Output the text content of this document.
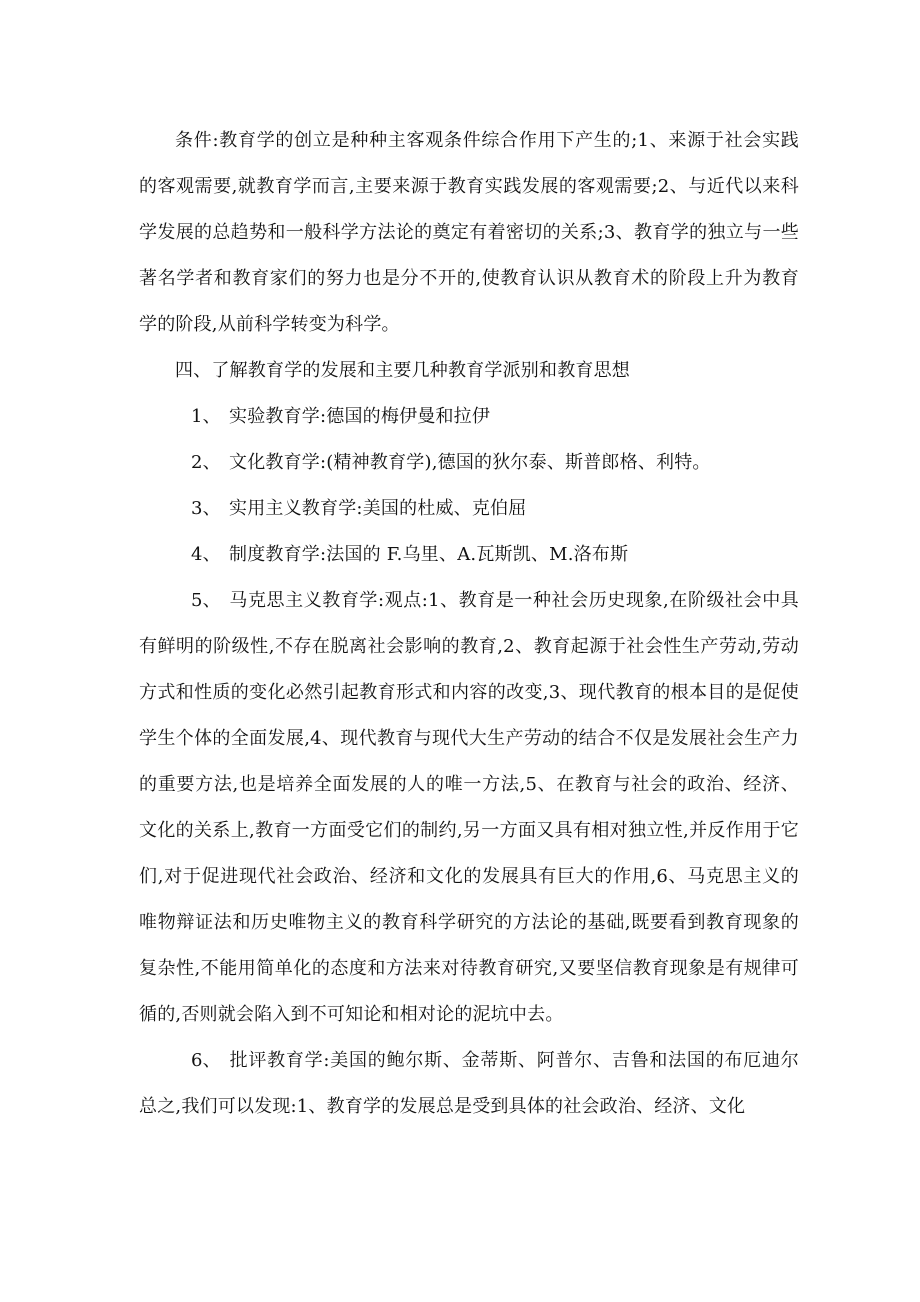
条件:教育学的创立是种种主客观条件综合作用下产生的;1、来源于社会实践的客观需要,就教育学而言,主要来源于教育实践发展的客观需要;2、与近代以来科学发展的总趋势和一般科学方法论的奠定有着密切的关系;3、教育学的独立与一些著名学者和教育家们的努力也是分不开的,使教育认识从教育术的阶段上升为教育学的阶段,从前科学转变为科学。

四、了解教育学的发展和主要几种教育学派别和教育思想

1、 实验教育学:德国的梅伊曼和拉伊

2、 文化教育学:(精神教育学),德国的狄尔泰、斯普郎格、利特。

3、 实用主义教育学:美国的杜威、克伯屈

4、 制度教育学:法国的 F.乌里、A.瓦斯凯、M.洛布斯

5、 马克思主义教育学:观点:1、教育是一种社会历史现象,在阶级社会中具有鲜明的阶级性,不存在脱离社会影响的教育,2、教育起源于社会性生产劳动,劳动方式和性质的变化必然引起教育形式和内容的改变,3、现代教育的根本目的是促使学生个体的全面发展,4、现代教育与现代大生产劳动的结合不仅是发展社会生产力的重要方法,也是培养全面发展的人的唯一方法,5、在教育与社会的政治、经济、文化的关系上,教育一方面受它们的制约,另一方面又具有相对独立性,并反作用于它们,对于促进现代社会政治、经济和文化的发展具有巨大的作用,6、马克思主义的唯物辩证法和历史唯物主义的教育科学研究的方法论的基础,既要看到教育现象的复杂性,不能用简单化的态度和方法来对待教育研究,又要坚信教育现象是有规律可循的,否则就会陷入到不可知论和相对论的泥坑中去。

6、 批评教育学:美国的鲍尔斯、金蒂斯、阿普尔、吉鲁和法国的布厄迪尔总之,我们可以发现:1、教育学的发展总是受到具体的社会政治、经济、文化
